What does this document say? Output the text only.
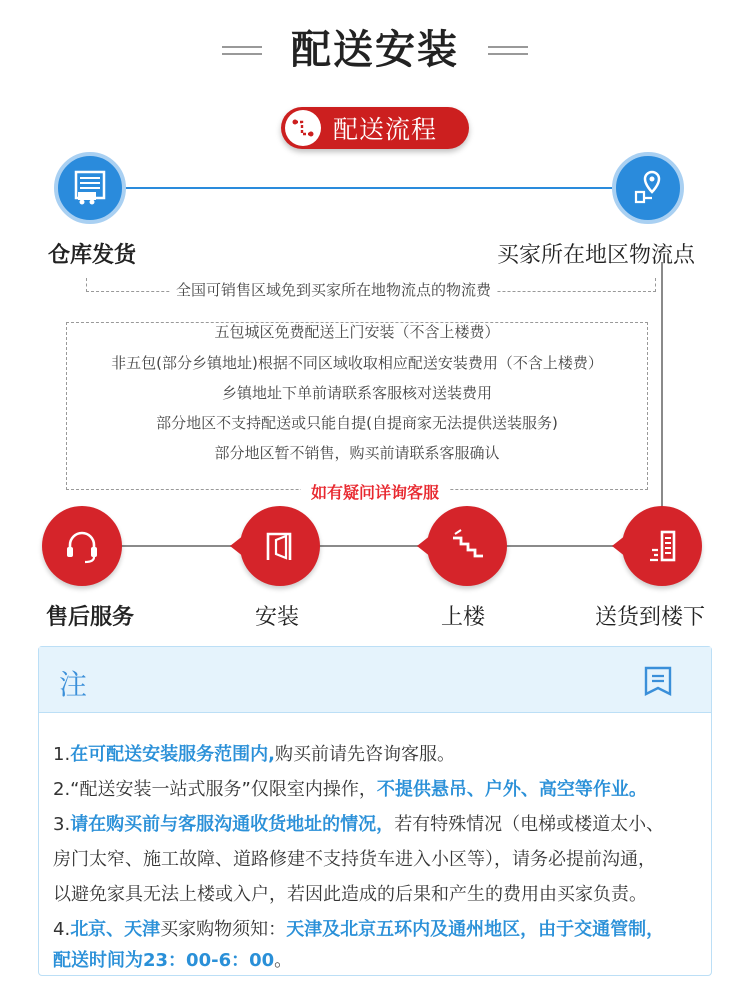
配送安装
配送流程
仓库发货	买家所在地区物流点
全国可销售区域免到买家所在地物流点的物流费
五包城区免费配送上门安装（不含上楼费）
非五包(部分乡镇地址)根据不同区域收取相应配送安装费用（不含上楼费）
乡镇地址下单前请联系客服核对送装费用
部分地区不支持配送或只能自提(自提商家无法提供送装服务)
部分地区暂不销售，购买前请联系客服确认
如有疑问详询客服
售后服务	安装	上楼	送货到楼下
注
1.在可配送安装服务范围内,购买前请先咨询客服。
2.“配送安装一站式服务”仅限室内操作，不提供悬吊、户外、高空等作业。
3.请在购买前与客服沟通收货地址的情况，若有特殊情况（电梯或楼道太小、
房门太窄、施工故障、道路修建不支持货车进入小区等），请务必提前沟通，
以避免家具无法上楼或入户，若因此造成的后果和产生的费用由买家负责。
4.北京、天津买家购物须知：天津及北京五环内及通州地区，由于交通管制，
配送时间为23：00-6：00。
